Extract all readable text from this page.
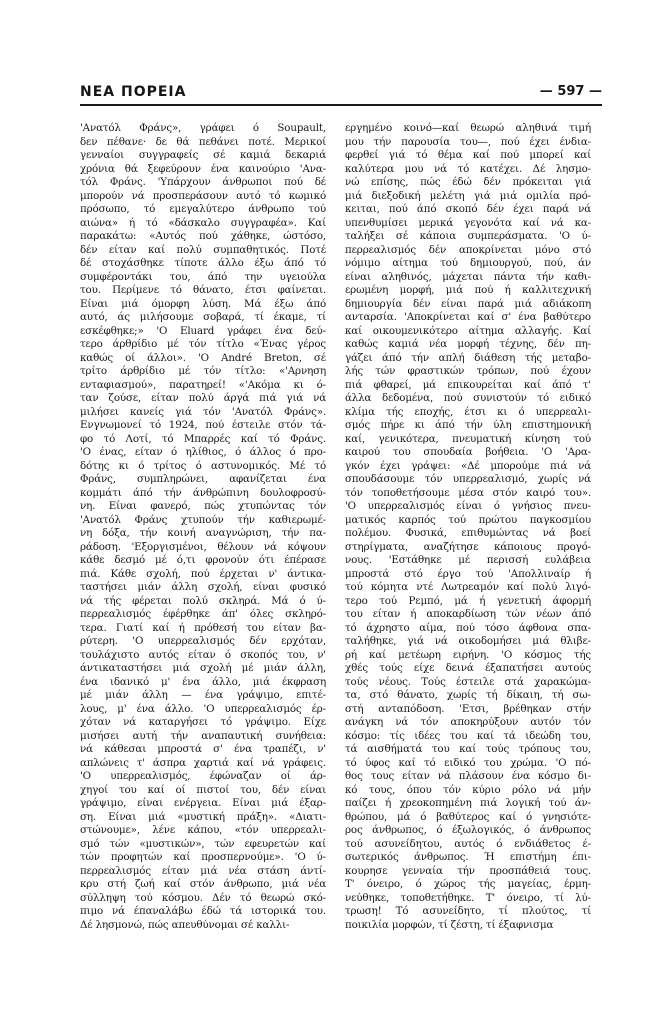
ΝΕΑ ΠΟΡΕΙΑ	— 597 —
'Ανατόλ Φράνς», γράφει ό Soupault,
δεν πέθανε· δε θά πεθάνει ποτέ. Μερικοί
γενναίοι συγγραφείς σέ καμιά δεκαριά
χρόνια θά ξεφεύρουν ένα καινούριο 'Ανα-
τόλ Φράνς. 'Υπάρχουν άνθρωποι πού δέ
μπορούν νά προσπεράσουν αυτό τό κωμικό
πρόσωπο, τό εμεγαλύτερο άνθρωπο τού
αιώνα» ή τό «δάσκαλο συγγραφέα». Καί
παρακάτω: «Αυτός πού χάθηκε, ώστόσο,
δέν είταν καί πολύ συμπαθητικός. Ποτέ
δέ στοχάσθηκε τίποτε άλλο έξω άπό τό
συμφέροντάκι του, άπό την υγειούλα
του. Περίμενε τό θάνατο, έτσι φαίνεται.
Είναι μιά όμορφη λύση. Μά έξω άπό
αυτό, άς μιλήσουμε σοβαρά, τί έκαμε, τί
εσκέφθηκε;» 'Ο Eluard γράφει ένα δεύ-
τερο άρθρίδιο μέ τόν τίτλο «Ένας γέρος
καθώς οί άλλοι». 'Ο André Breton, σέ
τρίτο άρθρίδιο μέ τόν τίτλο: «'Αρνηση
ενταφιασμού», παρατηρεί! «'Ακόμα κι ό-
ταν ζούσε, είταν πολύ άργά πιά γιά νά
μιλήσει κανείς γιά τόν 'Ανατόλ Φράνς».
Ενγνωμονεί τό 1924, πού έστειλε στόν τά-
φο τό Λοτί, τό Μπαρρές καί τό Φράνς.
'Ο ένας, είταν ό ηλίθιος, ό άλλος ό προ-
δότης κι ό τρίτος ό αστυνομικός. Μέ τό
Φράνς, συμπληρώνει, αφανίζεται ένα
κομμάτι άπό τήν άνθρώπινη δουλοφροσύ-
νη. Είναι φανερό, πώς χτυπώντας τόν
'Ανατόλ Φράνς χτυπούν τήν καθιερωμέ-
νη δόξα, τήν κοινή αναγνώριση, τήν πα-
ράδοση. 'Εξοργισμένοι, θέλουν νά κόψουν
κάθε δεσμό μέ ό,τι φρονούν ότι έπέρασε
πιά. Κάθε σχολή, πού έρχεται ν' άντικα-
ταστήσει μιάν άλλη σχολή, είναι φυσικό
νά τής φέρεται πολύ σκληρά. Μά ό ύ-
περρεαλισμός έφέρθηκε άπ' όλες σκληρό-
τερα. Γιατί καί ή πρόθεσή του είταν βα-
ρύτερη. 'Ο υπερρεαλισμός δέν ερχόταν,
τουλάχιστο αυτός είταν ό σκοπός του, ν'
άντικαταστήσει μιά σχολή μέ μιάν άλλη,
ένα ιδανικό μ' ένα άλλο, μιά έκφραση
μέ μιάν άλλη — ένα γράψιμο, επιτέ-
λους, μ' ένα άλλο. 'Ο υπερρεαλισμός έρ-
χόταν νά καταργήσει τό γράψιμο. Είχε
μισήσει αυτή τήν αναπαυτική συνήθεια:
νά κάθεσαι μπροστά σ' ένα τραπέζι, ν'
απλώνεις τ' άσπρα χαρτιά καί νά γράφεις.
'Ο υπερρεαλισμός, έφώναζαν οί άρ-
χηγοί του καί οί πιστοί του, δέν είναι
γράψιμο, είναι ενέργεια. Είναι μιά έξαρ-
ση. Είναι μιά «μυστική πράξη». «Διατι-
στώνουμε», λένε κάπου, «τόν υπερρεαλι-
σμό τών «μυστικών», τών εφευρετών καί
τών προφητών καί προσπερνούμε». 'Ο ύ-
περρεαλισμός είταν μιά νέα στάση άντί-
κρυ στή ζωή καί στόν άνθρωπο, μιά νέα
σύλληψη τού κόσμου. Δέν τό θεωρώ σκό-
πιμο νά έπαναλάβω έδώ τά ιστορικά του.
Δέ λησμονώ, πώς απευθύνομαι σέ καλλι-
εργημένο κοινό—καί θεωρώ αληθινά τιμή
μου τήν παρουσία του—, πού έχει ένδια-
φερθεί γιά τό θέμα καί πού μπορεί καί
καλύτερα μου νά τό κατέχει. Δέ λησμο-
νώ επίσης, πώς έδώ δέν πρόκειται γιά
μιά διεξοδική μελέτη γιά μιά ομιλία πρό-
κειται, πού άπό σκοπό δέν έχει παρά νά
υπενθυμίσει μερικά γεγονότα καί νά κα-
ταλήξει σέ κάποια συμπεράσματα. 'Ο ύ-
περρεαλισμός δέν αποκρίνεται μόνο στό
νόμιμο αίτημα τού δημιουργού, πού, άν
είναι αληθινός, μάχεται πάντα τήν καθι-
ερωμένη μορφή, μιά πού ή καλλιτεχνική
δημιουργία δέν είναι παρά μιά αδιάκοπη
ανταρσία. 'Αποκρίνεται καί σ' ένα βαθύτερο
καί οικουμενικότερο αίτημα αλλαγής. Καί
καθώς καμιά νέα μορφή τέχνης, δέν πη-
γάζει άπό τήν απλή διάθεση τής μεταβο-
λής τών φραστικών τρόπων, πού έχουν
πιά φθαρεί, μά επικουρείται καί άπό τ'
άλλα δεδομένα, πού συνιστούν τό ειδικό
κλίμα τής εποχής, έτσι κι ό υπερρεαλι-
σμός πήρε κι άπό τήν ύλη επιστημονική
καί, γενικότερα, πνευματική κίνηση τού
καιρού του σπουδαία βοήθεια. 'Ο 'Αρα-
γκόν έχει γράψει: «Δέ μπορούμε πιά νά
σπουδάσουμε τόν υπερρεαλισμό, χωρίς νά
τόν τοποθετήσουμε μέσα στόν καιρό του».
'Ο υπερρεαλισμός είναι ό γνήσιος πνευ-
ματικός καρπός τού πρώτου παγκοσμίου
πολέμου. Φυσικά, επιθυμώντας νά βοεί
στηρίγματα, αναζήτησε κάποιους προγό-
νους. 'Εστάθηκε μέ περισσή ευλάβεια
μπροστά στό έργο τού 'Απολλιναίρ ή
τού κόμητα ντέ Λωτρεαμόν καί πολύ λιγό-
τερο τού Ρεμπό, μά ή γενετική άφορμή
του είταν ή αποκαρδίωση τών νέων άπό
τό άχρηστο αίμα, πού τόσο άφθονα σπα-
ταλήθηκε, γιά νά οικοδομήσει μιά θλιβε-
ρή καί μετέωρη ειρήνη. 'Ο κόσμος τής
χθές τούς είχε δεινά έξαπατήσει αυτούς
τούς νέους. Τούς έστειλε στά χαρακώμα-
τα, στό θάνατο, χωρίς τή δίκαιη, τή σω-
στή ανταπόδοση. 'Ετσι, βρέθηκαν στήν
ανάγκη νά τόν αποκηρύξουν αυτόν τόν
κόσμο: τίς ιδέες του καί τά ιδεώδη του,
τά αισθήματά του καί τούς τρόπους του,
τό ύφος καί τό ειδικό του χρώμα. 'Ο πό-
θος τους είταν νά πλάσουν ένα κόσμο δι-
κό τους, όπου τόν κύριο ρόλο νά μήν
παίζει ή χρεοκοπημένη πιά λογική τού άν-
θρώπου, μά ό βαθύτερος καί ό γνησιότε-
ρος άνθρωπος, ό έξωλογικός, ό άνθρωπος
τού ασυνείδητου, αυτός ό ενδιάθετος έ-
σωτερικός άνθρωπος. Ή επιστήμη έπι-
κουρησε γενναία τήν προσπάθειά τους.
Τ' όνειρο, ό χώρος τής μαγείας, έρμη-
νεύθηκε, τοποθετήθηκε. Τ' όνειρο, τί λύ-
τρωση! Τό ασυνείδητο, τί πλούτος, τί
ποικιλία μορφών, τί ζέστη, τί έξαφνισμα
